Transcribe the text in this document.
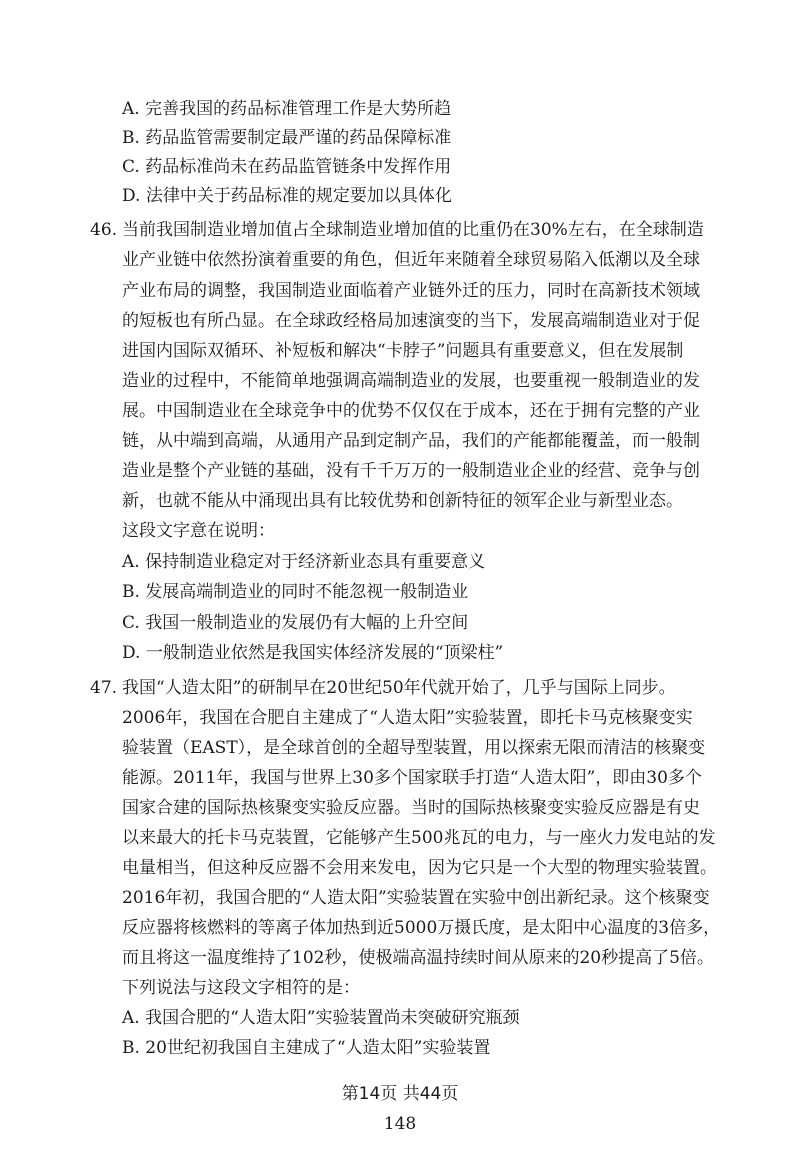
A. 完善我国的药品标准管理工作是大势所趋
B. 药品监管需要制定最严谨的药品保障标准
C. 药品标准尚未在药品监管链条中发挥作用
D. 法律中关于药品标准的规定要加以具体化
46. 当前我国制造业增加值占全球制造业增加值的比重仍在30%左右，在全球制造
业产业链中依然扮演着重要的角色，但近年来随着全球贸易陷入低潮以及全球
产业布局的调整，我国制造业面临着产业链外迁的压力，同时在高新技术领域
的短板也有所凸显。在全球政经格局加速演变的当下，发展高端制造业对于促
进国内国际双循环、补短板和解决“卡脖子”问题具有重要意义，但在发展制
造业的过程中，不能简单地强调高端制造业的发展，也要重视一般制造业的发
展。中国制造业在全球竞争中的优势不仅仅在于成本，还在于拥有完整的产业
链，从中端到高端，从通用产品到定制产品，我们的产能都能覆盖，而一般制
造业是整个产业链的基础，没有千千万万的一般制造业企业的经营、竞争与创
新，也就不能从中涌现出具有比较优势和创新特征的领军企业与新型业态。
这段文字意在说明：
A. 保持制造业稳定对于经济新业态具有重要意义
B. 发展高端制造业的同时不能忽视一般制造业
C. 我国一般制造业的发展仍有大幅的上升空间
D. 一般制造业依然是我国实体经济发展的“顶梁柱”
47. 我国“人造太阳”的研制早在20世纪50年代就开始了，几乎与国际上同步。
2006年，我国在合肥自主建成了“人造太阳”实验装置，即托卡马克核聚变实
验装置（EAST），是全球首创的全超导型装置，用以探索无限而清洁的核聚变
能源。2011年，我国与世界上30多个国家联手打造“人造太阳”，即由30多个
国家合建的国际热核聚变实验反应器。当时的国际热核聚变实验反应器是有史
以来最大的托卡马克装置，它能够产生500兆瓦的电力，与一座火力发电站的发
电量相当，但这种反应器不会用来发电，因为它只是一个大型的物理实验装置。
2016年初，我国合肥的“人造太阳”实验装置在实验中创出新纪录。这个核聚变
反应器将核燃料的等离子体加热到近5000万摄氏度，是太阳中心温度的3倍多，
而且将这一温度维持了102秒，使极端高温持续时间从原来的20秒提高了5倍。
下列说法与这段文字相符的是：
A. 我国合肥的“人造太阳”实验装置尚未突破研究瓶颈
B. 20世纪初我国自主建成了“人造太阳”实验装置
第14页 共44页
148
